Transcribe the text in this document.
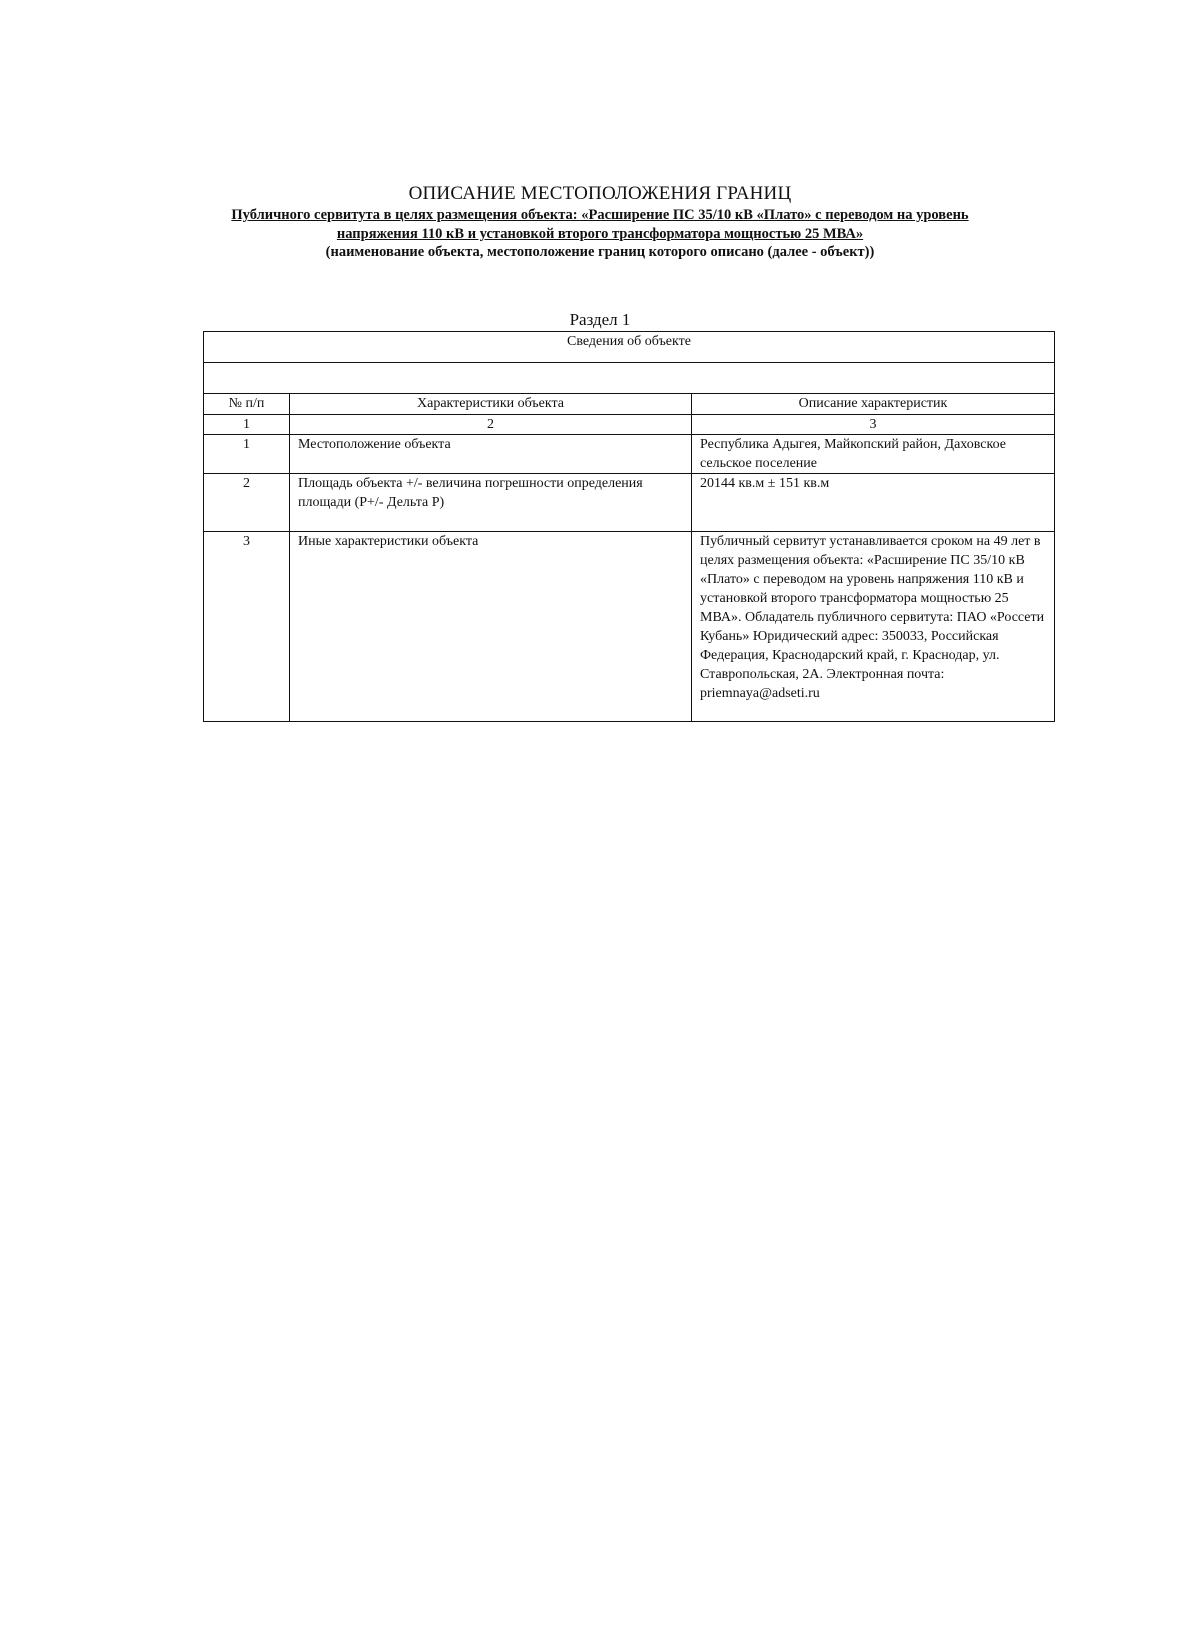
ОПИСАНИЕ МЕСТОПОЛОЖЕНИЯ ГРАНИЦ
Публичного сервитута в целях размещения объекта: «Расширение ПС 35/10 кВ «Плато» с переводом на уровень
напряжения 110 кВ и установкой второго трансформатора мощностью 25 МВА»
(наименование объекта, местоположение границ которого описано (далее - объект))
Раздел 1
Сведения об объекте		

№ п/п	Характеристики объекта	Описание характеристик
1	2	3
1	Местоположение объекта	Республика Адыгея, Майкопский район, Даховское сельское поселение
2	Площадь объекта +/- величина погрешности определения площади (Р+/- Дельта Р)	20144 кв.м ± 151 кв.м
3	Иные характеристики объекта	Публичный сервитут устанавливается сроком на 49 лет в целях размещения объекта: «Расширение ПС 35/10 кВ «Плато» с переводом на уровень напряжения 110 кВ и установкой второго трансформатора мощностью 25 МВА». Обладатель публичного сервитута: ПАО «Россети Кубань» Юридический адрес: 350033, Российская Федерация, Краснодарский край, г. Краснодар, ул. Ставропольская, 2А. Электронная почта: priemnaya@adseti.ru
